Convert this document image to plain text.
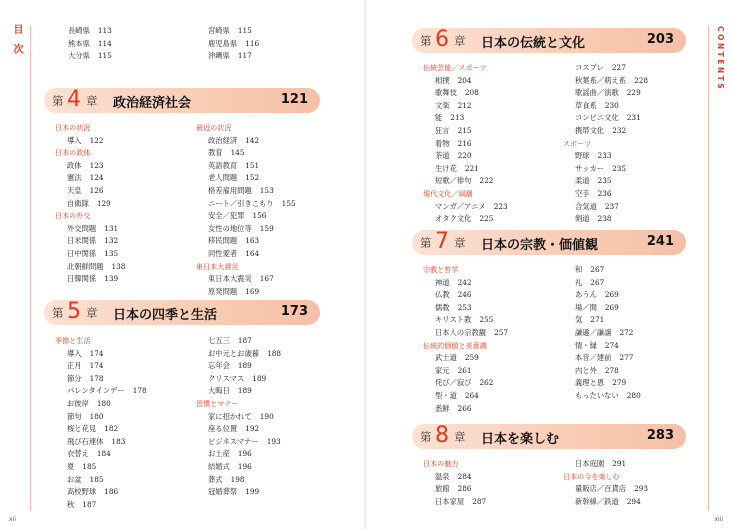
目 次	長崎県 113
熊本県 114
大分県 115
宮崎県 115
鹿児島県 116
沖縄県 117
第 4 章 政治経済社会	121
日本の状況
導入 122
日本の政体
政体 123
憲法 124
天皇 126
自衛隊 129
日本の外交
外交問題 131
日米関係 132
日中関係 135
北朝鮮問題 138
日韓関係 139
最近の状況
政治経済 142
教育 145
英語教育 151
老人問題 152
格差雇用問題 153
ニート／引きこもり 155
安全／犯罪 156
女性の地位等 159
移民問題 163
同性愛者 164
東日本大震災
東日本大震災 167
原発問題 169
第 5 章 日本の四季と生活	173
季節と生活
導入 174
正月 174
節分 178
バレンタインデー 178
お彼岸 180
節句 180
桜と花見 182
飛び石連休 183
衣替え 184
夏 185
お盆 185
高校野球 186
秋 187
七五三 187
お中元とお歳暮 188
忘年会 189
クリスマス 189
大晦日 189
習慣とマナー
家に招かれて 190
座る位置 192
ビジネスマナー 193
お土産 196
結婚式 196
葬式 198
冠婚葬祭 199
xii
CONTENTS
第 6 章 日本の伝統と文化	203
伝統芸能／スポーツ
相撲 204
歌舞伎 208
文楽 212
能 213
狂言 215
着物 216
茶道 220
生け花 221
短歌／俳句 222
現代文化／風潮
マンガ／アニメ 223
オタク文化 225
コスプレ 227
秋葉系／萌え系 228
歌謡曲／演歌 229
草食系 230
コンビニ文化 231
携帯文化 232
スポーツ
野球 233
サッカー 235
柔道 235
空手 236
合気道 237
剣道 238
第 7 章 日本の宗教・価値観	241
宗教と哲学
神道 242
仏教 246
儒教 253
キリスト教 255
日本人の宗教観 257
伝統的価値と美意識
武士道 259
家元 261
侘び／寂び 262
型・道 264
悉鮮 266
和 267
礼 267
あうん 269
場／間 269
気 271
謙遜／謙譲 272
情・縁 274
本音／建前 277
内と外 278
義理と恩 279
もったいない 280
第 8 章 日本を楽しむ	283
日本の魅力
温泉 284
旅館 286
日本家屋 287
日本庭園 291
日本の今を楽しむ
量販店／百貨店 293
新幹線／鉄道 294
xiii
